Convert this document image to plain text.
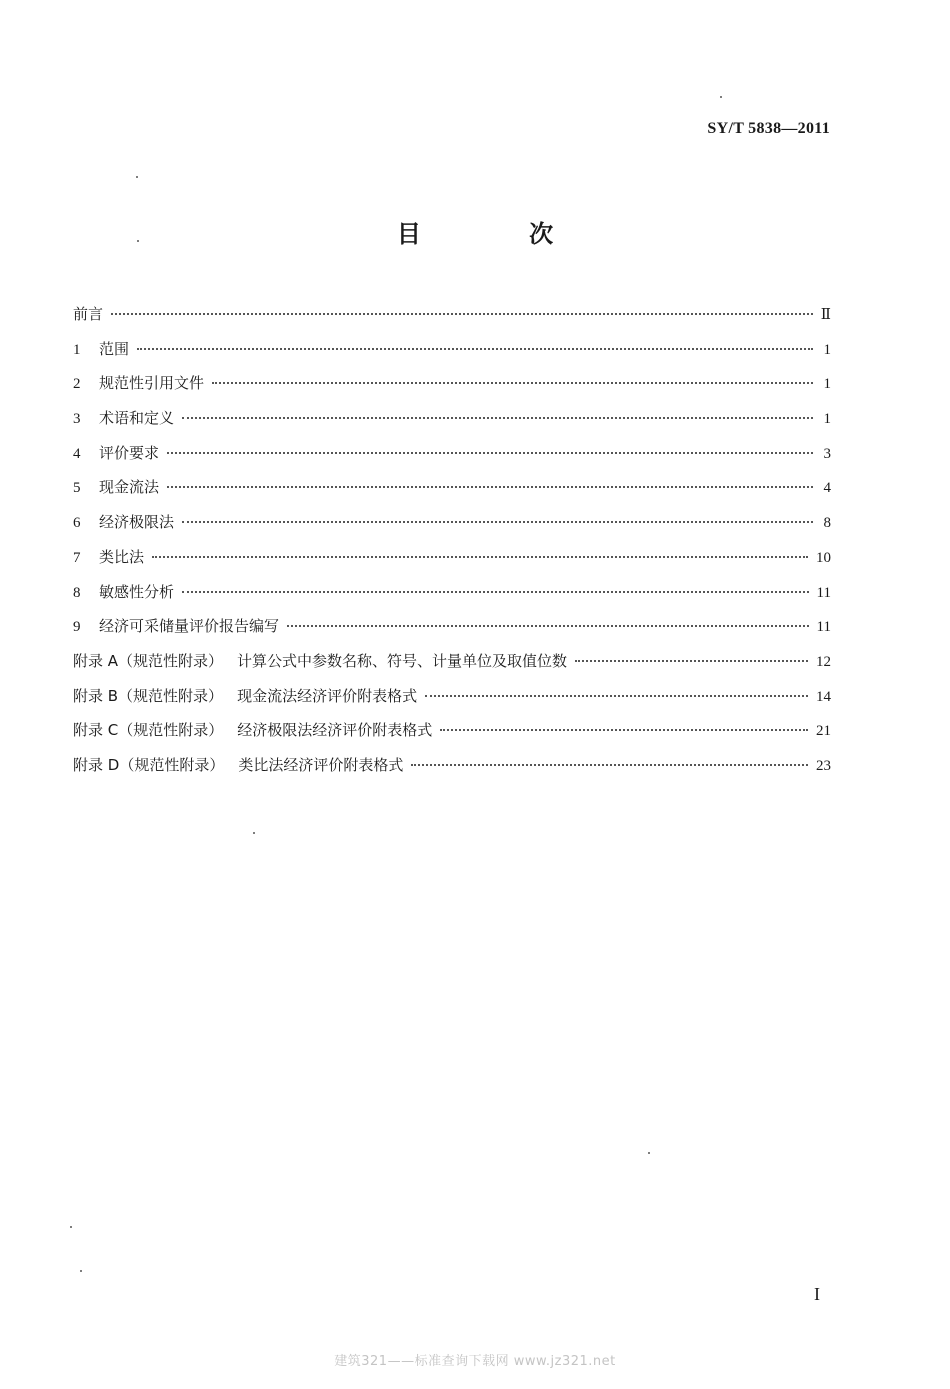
SY/T 5838—2011
目 次
前言	Ⅱ
1	范围	1
2	规范性引用文件	1
3	术语和定义	1
4	评价要求	3
5	现金流法	4
6	经济极限法	8
7	类比法	10
8	敏感性分析	11
9	经济可采储量评价报告编写	11
附录 A（规范性附录） 计算公式中参数名称、符号、计量单位及取值位数	12
附录 B（规范性附录） 现金流法经济评价附表格式	14
附录 C（规范性附录） 经济极限法经济评价附表格式	21
附录 D（规范性附录） 类比法经济评价附表格式	23
I
建筑321——标准查询下载网 www.jz321.net
